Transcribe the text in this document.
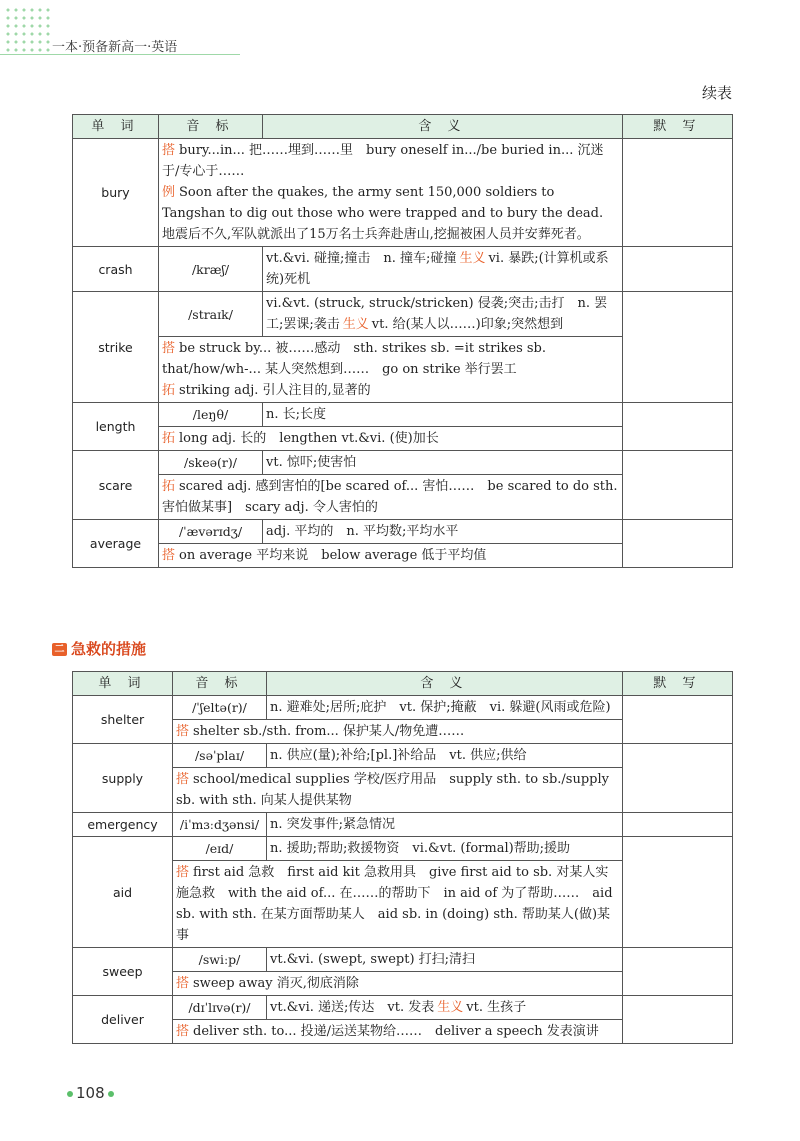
一本·预备新高一·英语
续表
单 词	音 标	含 义	默 写
bury	搭 bury...in... 把……埋到……里　bury oneself in.../be buried in... 沉迷于/专心于……
例 Soon after the quakes, the army sent 150,000 soldiers to Tangshan to dig out those who were trapped and to bury the dead. 地震后不久,军队就派出了15万名士兵奔赴唐山,挖掘被困人员并安葬死者。		

crash	/kræʃ/	vt.&vi. 碰撞;撞击　n. 撞车;碰撞 生义 vi. 暴跌;(计算机或系统)死机	
strike	/straɪk/	vi.&vt. (struck, struck/stricken) 侵袭;突击;击打　n. 罢工;罢课;袭击 生义 vt. 给(某人以……)印象;突然想到	

	搭 be struck by... 被……感动　sth. strikes sb. =it strikes sb. that/how/wh-... 某人突然想到……　go on strike 举行罢工
拓 striking adj. 引人注目的,显著的		

length	/leŋθ/	n. 长;长度	
	拓 long adj. 长的　lengthen vt.&vi. (使)加长		
scare	/skeə(r)/	vt. 惊吓;使害怕	
	拓 scared adj. 感到害怕的[be scared of... 害怕……　be scared to do sth. 害怕做某事]　scary adj. 令人害怕的		
average	/ˈævərɪdʒ/	adj. 平均的　n. 平均数;平均水平	
	搭 on average 平均来说　below average 低于平均值		
二 急救的措施
单 词	音 标	含 义	默 写
shelter	/ˈʃeltə(r)/	n. 避难处;居所;庇护　vt. 保护;掩蔽　vi. 躲避(风雨或危险)	
	搭 shelter sb./sth. from... 保护某人/物免遭……		
supply	/səˈplaɪ/	n. 供应(量);补给;[pl.]补给品　vt. 供应;供给	
	搭 school/medical supplies 学校/医疗用品　supply sth. to sb./supply sb. with sth. 向某人提供某物		
emergency	/iˈmɜːdʒənsi/	n. 突发事件;紧急情况	
aid	/eɪd/	n. 援助;帮助;救援物资　vi.&vt. (formal)帮助;援助	
	搭 first aid 急救　first aid kit 急救用具　give first aid to sb. 对某人实施急救　with the aid of... 在……的帮助下　in aid of 为了帮助……　aid sb. with sth. 在某方面帮助某人　aid sb. in (doing) sth. 帮助某人(做)某事		
sweep	/swiːp/	vt.&vi. (swept, swept) 打扫;清扫	
	搭 sweep away 消灭,彻底消除		
deliver	/dɪˈlɪvə(r)/	vt.&vi. 递送;传达　vt. 发表 生义 vt. 生孩子	
	搭 deliver sth. to... 投递/运送某物给……　deliver a speech 发表演讲		
108
